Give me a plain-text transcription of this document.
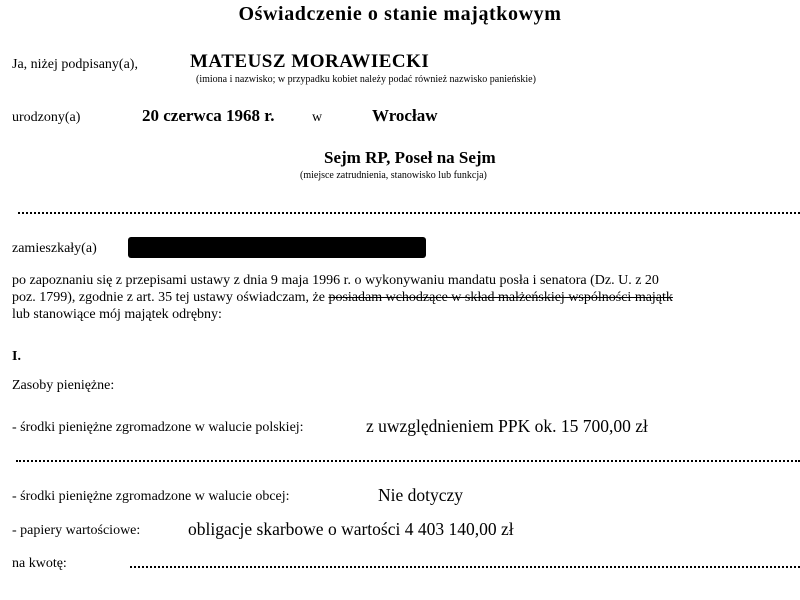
Oświadczenie o stanie majątkowym
Ja, niżej podpisany(a),	MATEUSZ MORAWIECKI
(imiona i nazwisko; w przypadku kobiet należy podać również nazwisko panieńskie)
urodzony(a)	20 czerwca 1968 r.	w	Wrocław
Sejm RP, Poseł na Sejm
(miejsce zatrudnienia, stanowisko lub funkcja)
zamieszkały(a)
po zapoznaniu się z przepisami ustawy z dnia 9 maja 1996 r. o wykonywaniu mandatu posła i senatora (Dz. U. z 20
poz. 1799), zgodnie z art. 35 tej ustawy oświadczam, że posiadam wchodzące w skład małżeńskiej wspólności majątk
lub stanowiące mój majątek odrębny:
I.
Zasoby pieniężne:
- środki pieniężne zgromadzone w walucie polskiej:	z uwzględnieniem PPK ok. 15 700,00 zł
- środki pieniężne zgromadzone w walucie obcej:	Nie dotyczy
- papiery wartościowe:	obligacje skarbowe o wartości 4 403 140,00 zł
na kwotę:
